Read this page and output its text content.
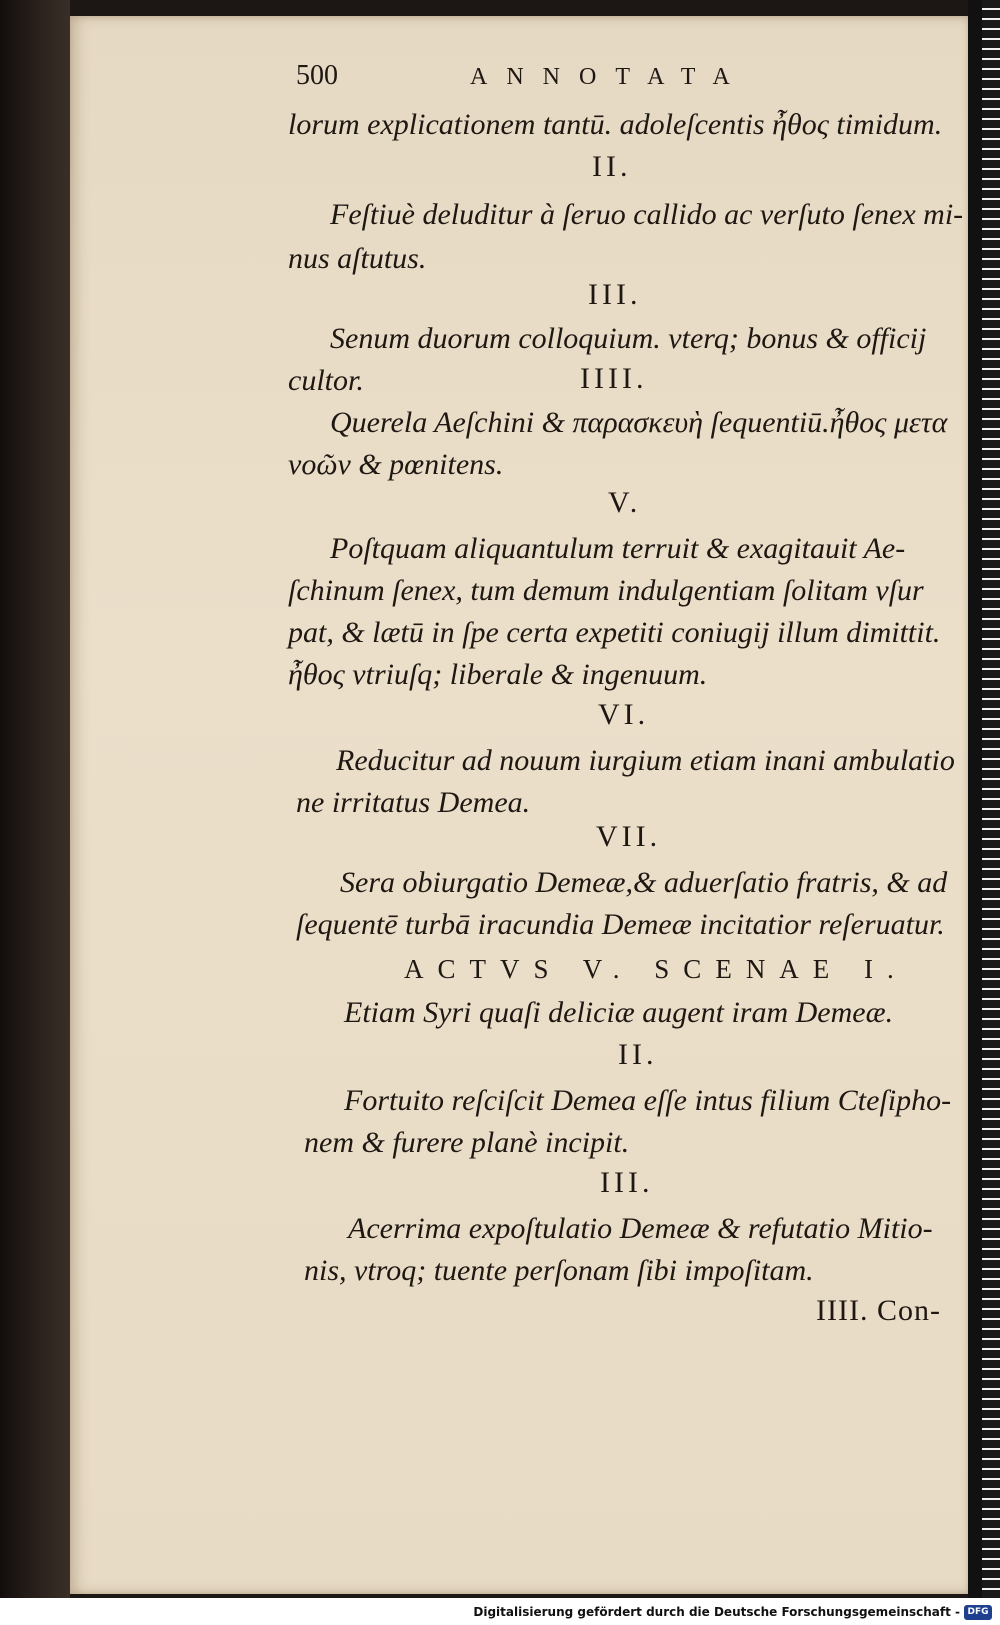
500	ANNOTATA
lorum explicationem tantū. adoleſcentis ἦθος timidum.
II.
Feſtiuè deluditur à ſeruo callido ac verſuto ſenex mi-
nus aſtutus.
III.
Senum duorum colloquium. vterq; bonus & officij
cultor.	IIII.
Querela Aeſchini & παρασκευὴ ſequentiū.ἦθος μετα
νοῶν & pœnitens.
V.
Poſtquam aliquantulum terruit & exagitauit Ae-
ſchinum ſenex, tum demum indulgentiam ſolitam vſur
pat, & lætū in ſpe certa expetiti coniugij illum dimittit.
ἦθος vtriuſq; liberale & ingenuum.
VI.
Reducitur ad nouum iurgium etiam inani ambulatio
ne irritatus Demea.
VII.
Sera obiurgatio Demeæ,& aduerſatio fratris, & ad
ſequentē turbā iracundia Demeæ incitatior reſeruatur.
ACTVS V. SCENAE I.
Etiam Syri quaſi deliciæ augent iram Demeæ.
II.
Fortuito reſciſcit Demea eſſe intus filium Cteſipho-
nem & furere planè incipit.
III.
Acerrima expoſtulatio Demeæ & refutatio Mitio-
nis, vtroq; tuente perſonam ſibi impoſitam.
IIII. Con-
Digitalisierung gefördert durch die Deutsche Forschungsgemeinschaft - DFG
